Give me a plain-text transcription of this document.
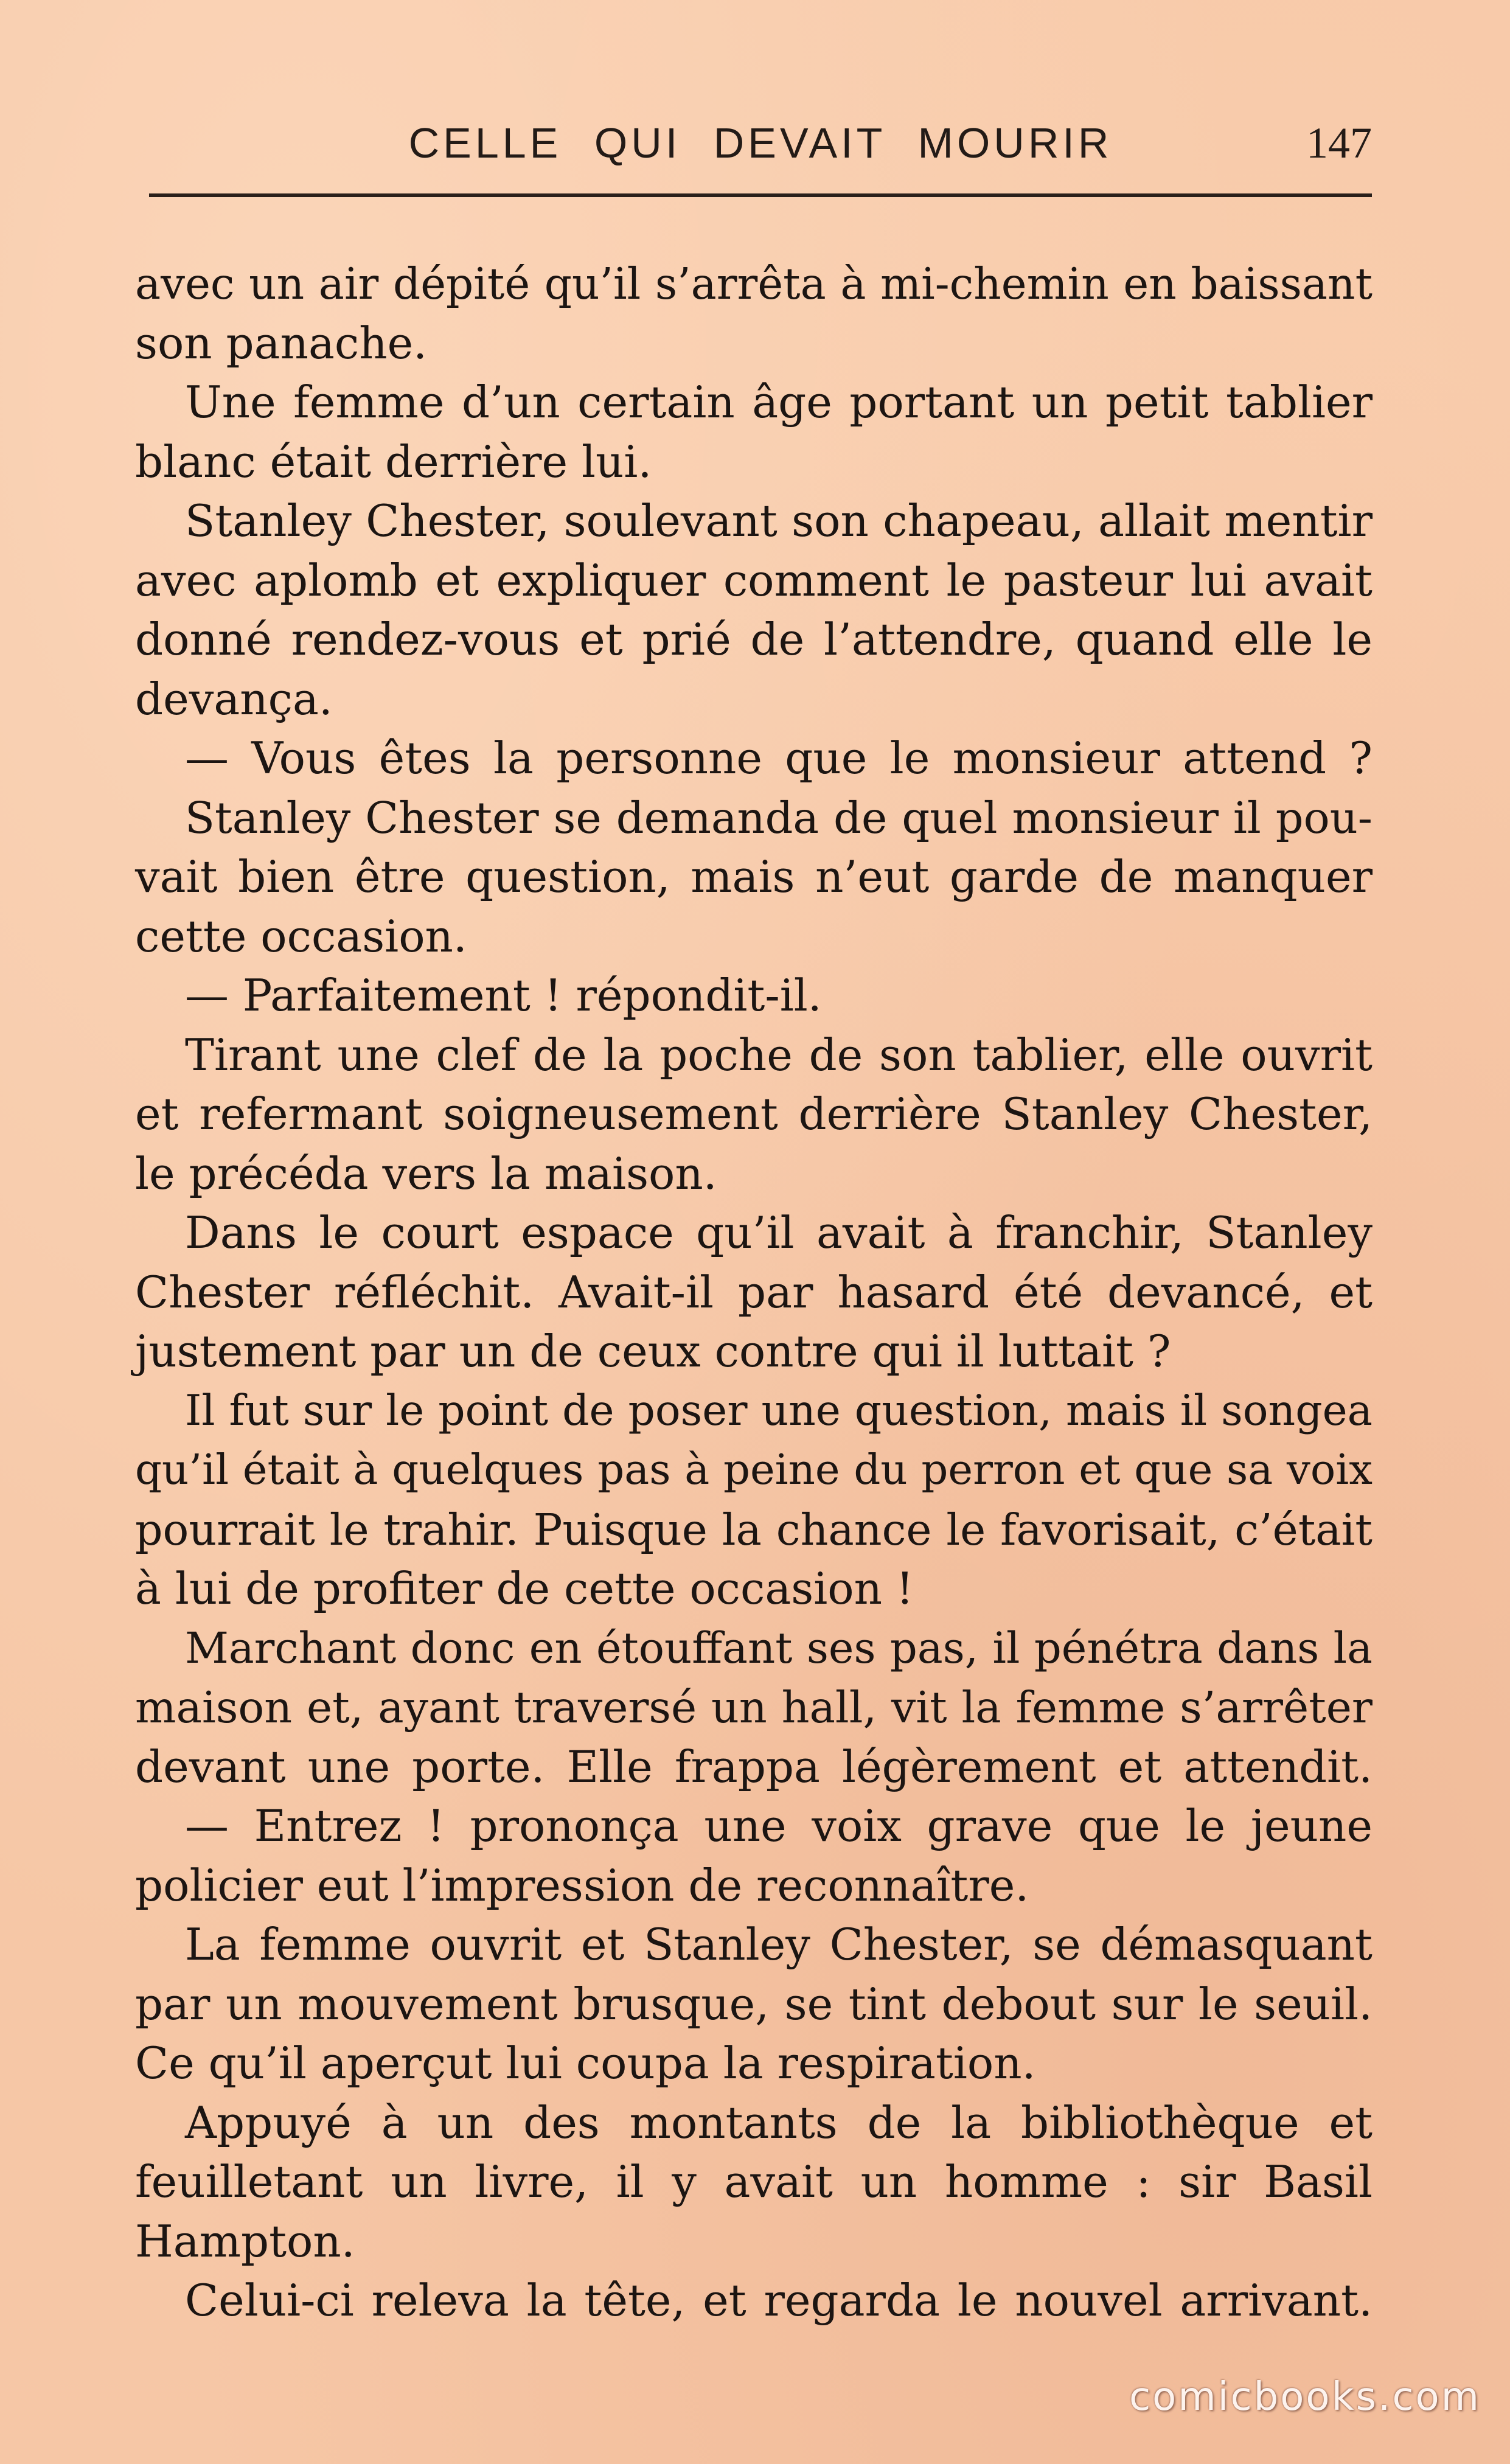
CELLE QUI DEVAIT MOURIR	147
avec un air dépité qu’il s’arrêta à mi-chemin en baissant
son panache.
Une femme d’un certain âge portant un petit tablier
blanc était derrière lui.
Stanley Chester, soulevant son chapeau, allait mentir
avec aplomb et expliquer comment le pasteur lui avait
donné rendez-vous et prié de l’attendre, quand elle le
devança.
— Vous êtes la personne que le monsieur attend ?
Stanley Chester se demanda de quel monsieur il pou-
vait bien être question, mais n’eut garde de manquer
cette occasion.
— Parfaitement ! répondit-il.
Tirant une clef de la poche de son tablier, elle ouvrit
et refermant soigneusement derrière Stanley Chester,
le précéda vers la maison.
Dans le court espace qu’il avait à franchir, Stanley
Chester réfléchit. Avait-il par hasard été devancé, et
justement par un de ceux contre qui il luttait ?
Il fut sur le point de poser une question, mais il songea
qu’il était à quelques pas à peine du perron et que sa voix
pourrait le trahir. Puisque la chance le favorisait, c’était
à lui de profiter de cette occasion !
Marchant donc en étouffant ses pas, il pénétra dans la
maison et, ayant traversé un hall, vit la femme s’arrêter
devant une porte. Elle frappa légèrement et attendit.
— Entrez ! prononça une voix grave que le jeune
policier eut l’impression de reconnaître.
La femme ouvrit et Stanley Chester, se démasquant
par un mouvement brusque, se tint debout sur le seuil.
Ce qu’il aperçut lui coupa la respiration.
Appuyé à un des montants de la bibliothèque et
feuilletant un livre, il y avait un homme : sir Basil
Hampton.
Celui-ci releva la tête, et regarda le nouvel arrivant.
comicbooks.com
